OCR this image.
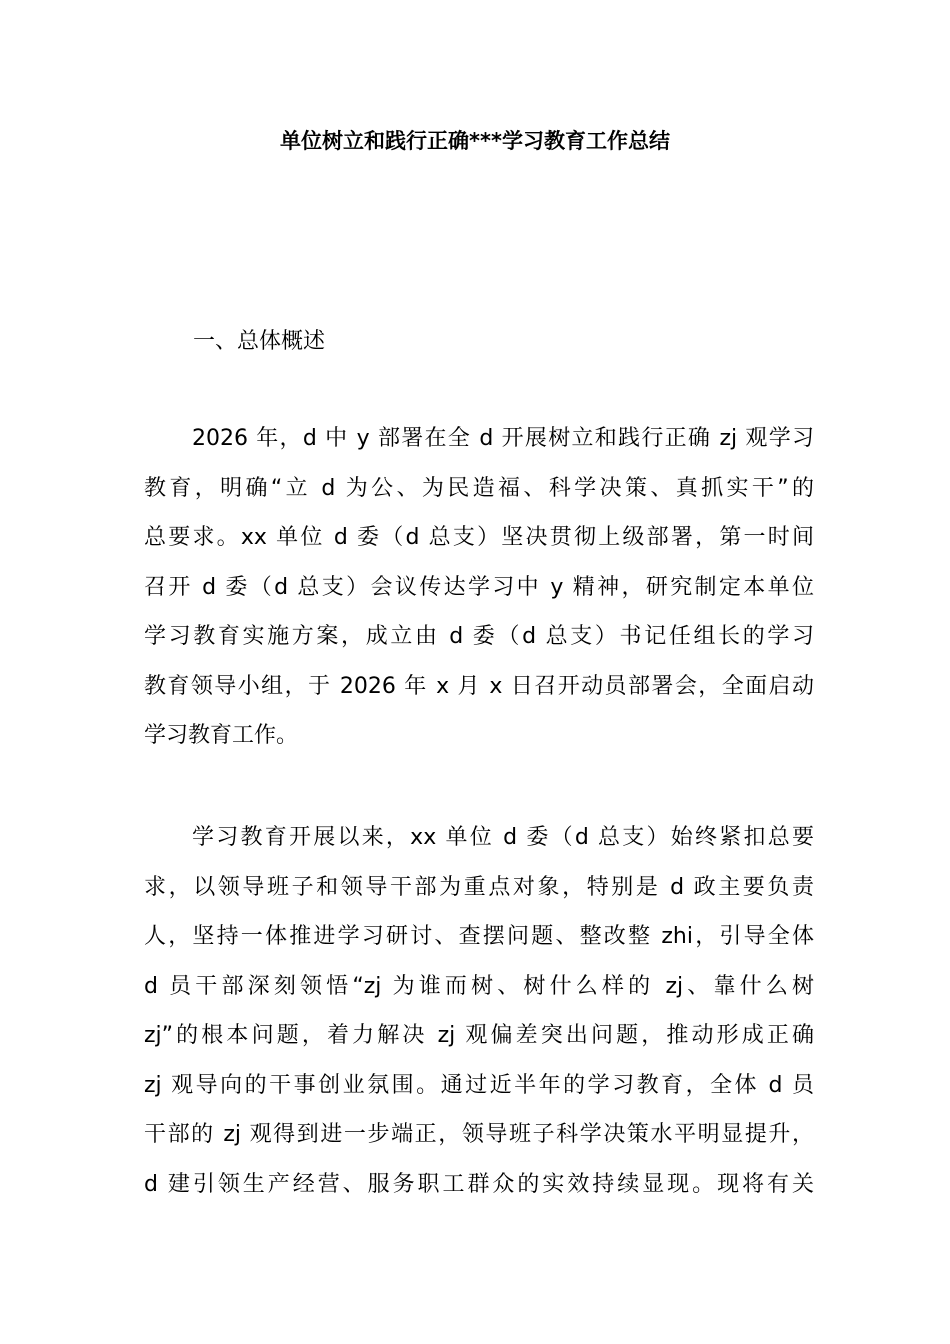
单位树立和践行正确***学习教育工作总结
一、总体概述
2026 年，d 中 y 部署在全 d 开展树立和践行正确 zj 观学习
教育，明确“立 d 为公、为民造福、科学决策、真抓实干”的
总要求。xx 单位 d 委（d 总支）坚决贯彻上级部署，第一时间
召开 d 委（d 总支）会议传达学习中 y 精神，研究制定本单位
学习教育实施方案，成立由 d 委（d 总支）书记任组长的学习
教育领导小组，于 2026 年 x 月 x 日召开动员部署会，全面启动
学习教育工作。
学习教育开展以来，xx 单位 d 委（d 总支）始终紧扣总要
求，以领导班子和领导干部为重点对象，特别是 d 政主要负责
人，坚持一体推进学习研讨、查摆问题、整改整 zhi，引导全体
d 员干部深刻领悟“zj 为谁而树、树什么样的 zj、靠什么树
zj”的根本问题，着力解决 zj 观偏差突出问题，推动形成正确
zj 观导向的干事创业氛围。通过近半年的学习教育，全体 d 员
干部的 zj 观得到进一步端正，领导班子科学决策水平明显提升，
d 建引领生产经营、服务职工群众的实效持续显现。现将有关
